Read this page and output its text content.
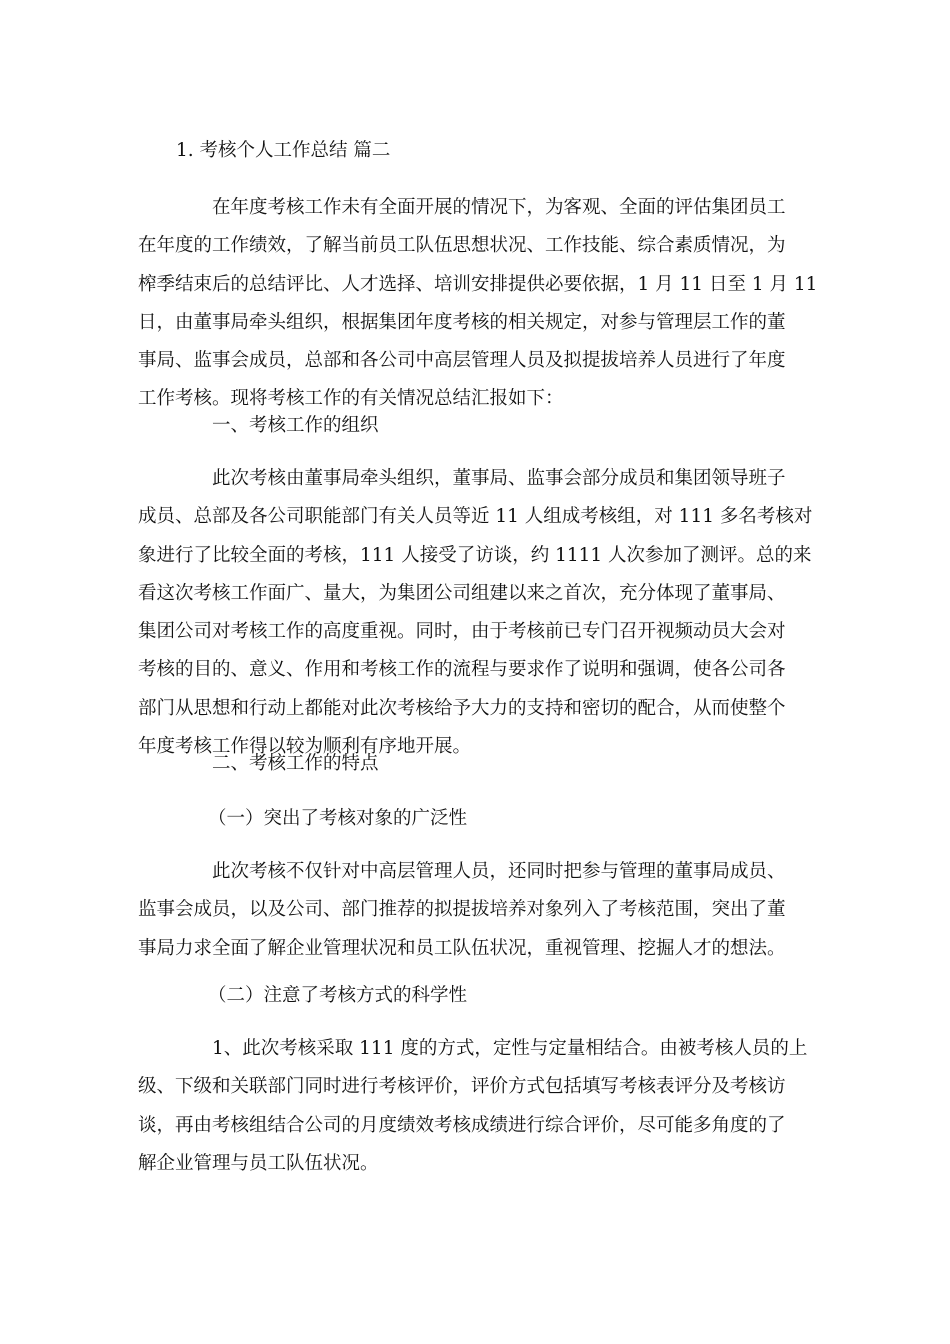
1. 考核个人工作总结 篇二
在年度考核工作未有全面开展的情况下，为客观、全面的评估集团员工
在年度的工作绩效，了解当前员工队伍思想状况、工作技能、综合素质情况，为
榨季结束后的总结评比、人才选择、培训安排提供必要依据，1 月 11 日至 1 月 11
日，由董事局牵头组织，根据集团年度考核的相关规定，对参与管理层工作的董
事局、监事会成员，总部和各公司中高层管理人员及拟提拔培养人员进行了年度
工作考核。现将考核工作的有关情况总结汇报如下：
一、考核工作的组织
此次考核由董事局牵头组织，董事局、监事会部分成员和集团领导班子
成员、总部及各公司职能部门有关人员等近 11 人组成考核组，对 111 多名考核对
象进行了比较全面的考核，111 人接受了访谈，约 1111 人次参加了测评。总的来
看这次考核工作面广、量大，为集团公司组建以来之首次，充分体现了董事局、
集团公司对考核工作的高度重视。同时，由于考核前已专门召开视频动员大会对
考核的目的、意义、作用和考核工作的流程与要求作了说明和强调，使各公司各
部门从思想和行动上都能对此次考核给予大力的支持和密切的配合，从而使整个
年度考核工作得以较为顺利有序地开展。
二、考核工作的特点
（一）突出了考核对象的广泛性
此次考核不仅针对中高层管理人员，还同时把参与管理的董事局成员、
监事会成员，以及公司、部门推荐的拟提拔培养对象列入了考核范围，突出了董
事局力求全面了解企业管理状况和员工队伍状况，重视管理、挖掘人才的想法。
（二）注意了考核方式的科学性
1、此次考核采取 111 度的方式，定性与定量相结合。由被考核人员的上
级、下级和关联部门同时进行考核评价，评价方式包括填写考核表评分及考核访
谈，再由考核组结合公司的月度绩效考核成绩进行综合评价，尽可能多角度的了
解企业管理与员工队伍状况。
